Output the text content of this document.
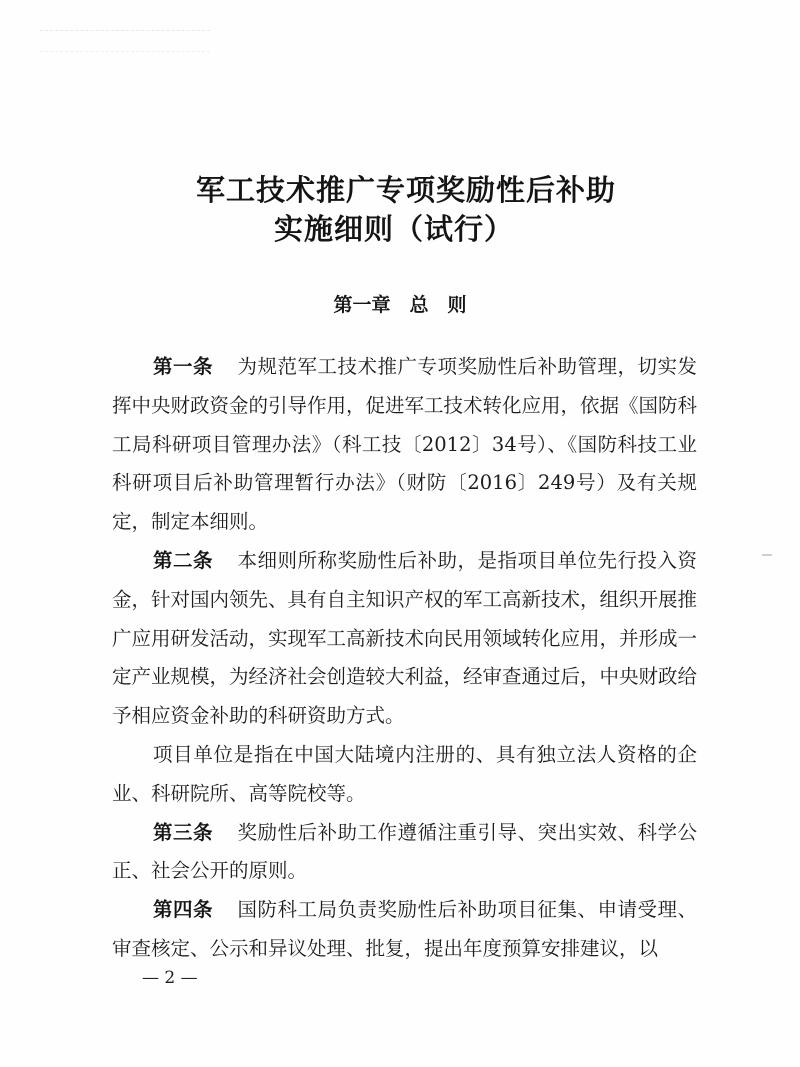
军工技术推广专项奖励性后补助
实施细则（试行）
第一章　总　则

第一条 为规范军工技术推广专项奖励性后补助管理，切实发挥中央财政资金的引导作用，促进军工技术转化应用，依据《国防科工局科研项目管理办法》（科工技〔2012〕34号）、《国防科技工业科研项目后补助管理暂行办法》（财防〔2016〕249号）及有关规定，制定本细则。

第二条 本细则所称奖励性后补助，是指项目单位先行投入资金，针对国内领先、具有自主知识产权的军工高新技术，组织开展推广应用研发活动，实现军工高新技术向民用领域转化应用，并形成一定产业规模，为经济社会创造较大利益，经审查通过后，中央财政给予相应资金补助的科研资助方式。

项目单位是指在中国大陆境内注册的、具有独立法人资格的企业、科研院所、高等院校等。

第三条 奖励性后补助工作遵循注重引导、突出实效、科学公正、社会公开的原则。

第四条 国防科工局负责奖励性后补助项目征集、申请受理、审查核定、公示和异议处理、批复，提出年度预算安排建议，以

— 2 —
